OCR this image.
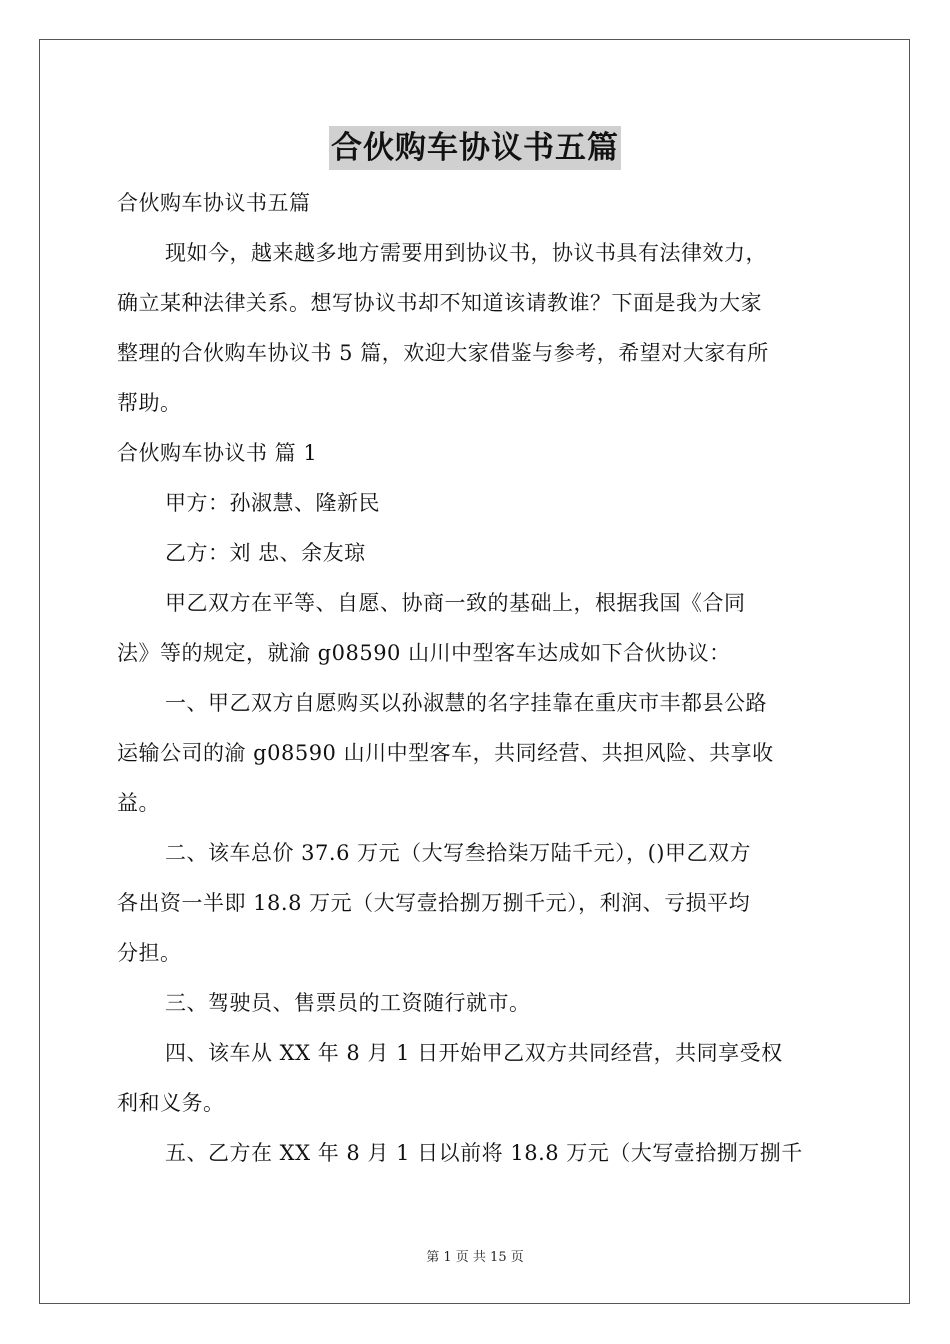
合伙购车协议书五篇
合伙购车协议书五篇
现如今，越来越多地方需要用到协议书，协议书具有法律效力，
确立某种法律关系。想写协议书却不知道该请教谁？下面是我为大家
整理的合伙购车协议书 5 篇，欢迎大家借鉴与参考，希望对大家有所
帮助。
合伙购车协议书 篇 1
甲方：孙淑慧、隆新民
乙方：刘 忠、余友琼
甲乙双方在平等、自愿、协商一致的基础上，根据我国《合同
法》等的规定，就渝 g08590 山川中型客车达成如下合伙协议：
一、甲乙双方自愿购买以孙淑慧的名字挂靠在重庆市丰都县公路
运输公司的渝 g08590 山川中型客车，共同经营、共担风险、共享收
益。
二、该车总价 37.6 万元（大写叁拾柒万陆千元），()甲乙双方
各出资一半即 18.8 万元（大写壹拾捌万捌千元），利润、亏损平均
分担。
三、驾驶员、售票员的工资随行就市。
四、该车从 XX 年 8 月 1 日开始甲乙双方共同经营，共同享受权
利和义务。
五、乙方在 XX 年 8 月 1 日以前将 18.8 万元（大写壹拾捌万捌千
第 1 页 共 15 页
